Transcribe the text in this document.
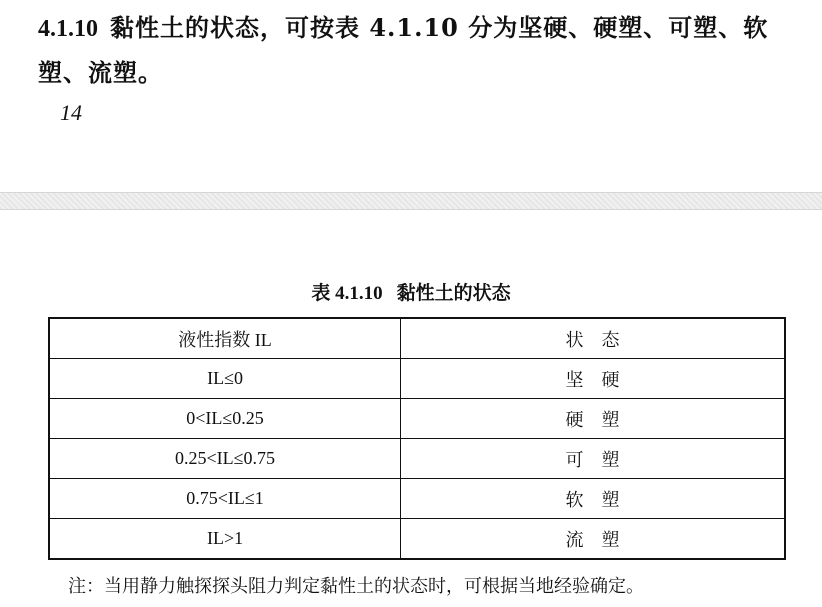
4.1.10 黏性土的状态，可按表 4.1.10 分为坚硬、硬塑、可塑、软塑、流塑。

14

表 4.1.10 黏性土的状态

液性指数 IL	状态
IL≤0	坚硬
0<IL≤0.25	硬塑
0.25<IL≤0.75	可塑
0.75<IL≤1	软塑
IL>1	流塑

注：当用静力触探探头阻力判定黏性土的状态时，可根据当地经验确定。
